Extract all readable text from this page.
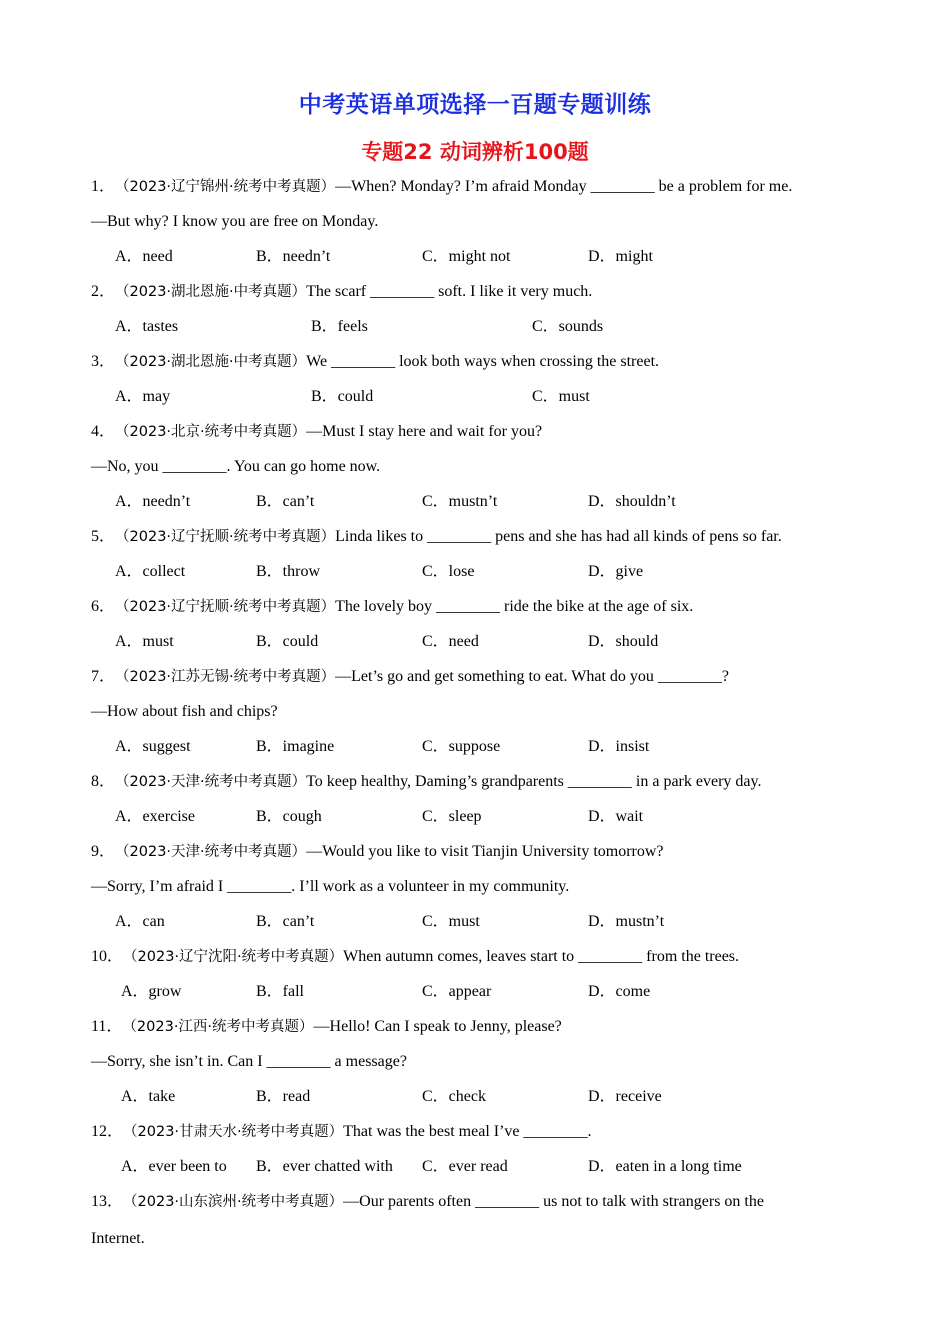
中考英语单项选择一百题专题训练
专题22 动词辨析100题
1．（2023·辽宁锦州·统考中考真题）—When? Monday? I’m afraid Monday ________ be a problem for me.
—But why? I know you are free on Monday.
A．need	B．needn’t	C．might not	D．might
2．（2023·湖北恩施·中考真题）The scarf ________ soft. I like it very much.
A．tastes	B．feels	C．sounds
3．（2023·湖北恩施·中考真题）We ________ look both ways when crossing the street.
A．may	B．could	C．must
4．（2023·北京·统考中考真题）—Must I stay here and wait for you?
—No, you ________. You can go home now.
A．needn’t	B．can’t	C．mustn’t	D．shouldn’t
5．（2023·辽宁抚顺·统考中考真题）Linda likes to ________ pens and she has had all kinds of pens so far.
A．collect	B．throw	C．lose	D．give
6．（2023·辽宁抚顺·统考中考真题）The lovely boy ________ ride the bike at the age of six.
A．must	B．could	C．need	D．should
7．（2023·江苏无锡·统考中考真题）—Let’s go and get something to eat. What do you ________?
—How about fish and chips?
A．suggest	B．imagine	C．suppose	D．insist
8．（2023·天津·统考中考真题）To keep healthy, Daming’s grandparents ________ in a park every day.
A．exercise	B．cough	C．sleep	D．wait
9．（2023·天津·统考中考真题）—Would you like to visit Tianjin University tomorrow?
—Sorry, I’m afraid I ________. I’ll work as a volunteer in my community.
A．can	B．can’t	C．must	D．mustn’t
10．（2023·辽宁沈阳·统考中考真题）When autumn comes, leaves start to ________ from the trees.
A．grow	B．fall	C．appear	D．come
11．（2023·江西·统考中考真题）—Hello! Can I speak to Jenny, please?
—Sorry, she isn’t in. Can I ________ a message?
A．take	B．read	C．check	D．receive
12．（2023·甘肃天水·统考中考真题）That was the best meal I’ve ________.
A．ever been to B．ever chatted with C．ever read	D．eaten in a long time
13．（2023·山东滨州·统考中考真题）—Our parents often ________ us not to talk with strangers on the
Internet.
